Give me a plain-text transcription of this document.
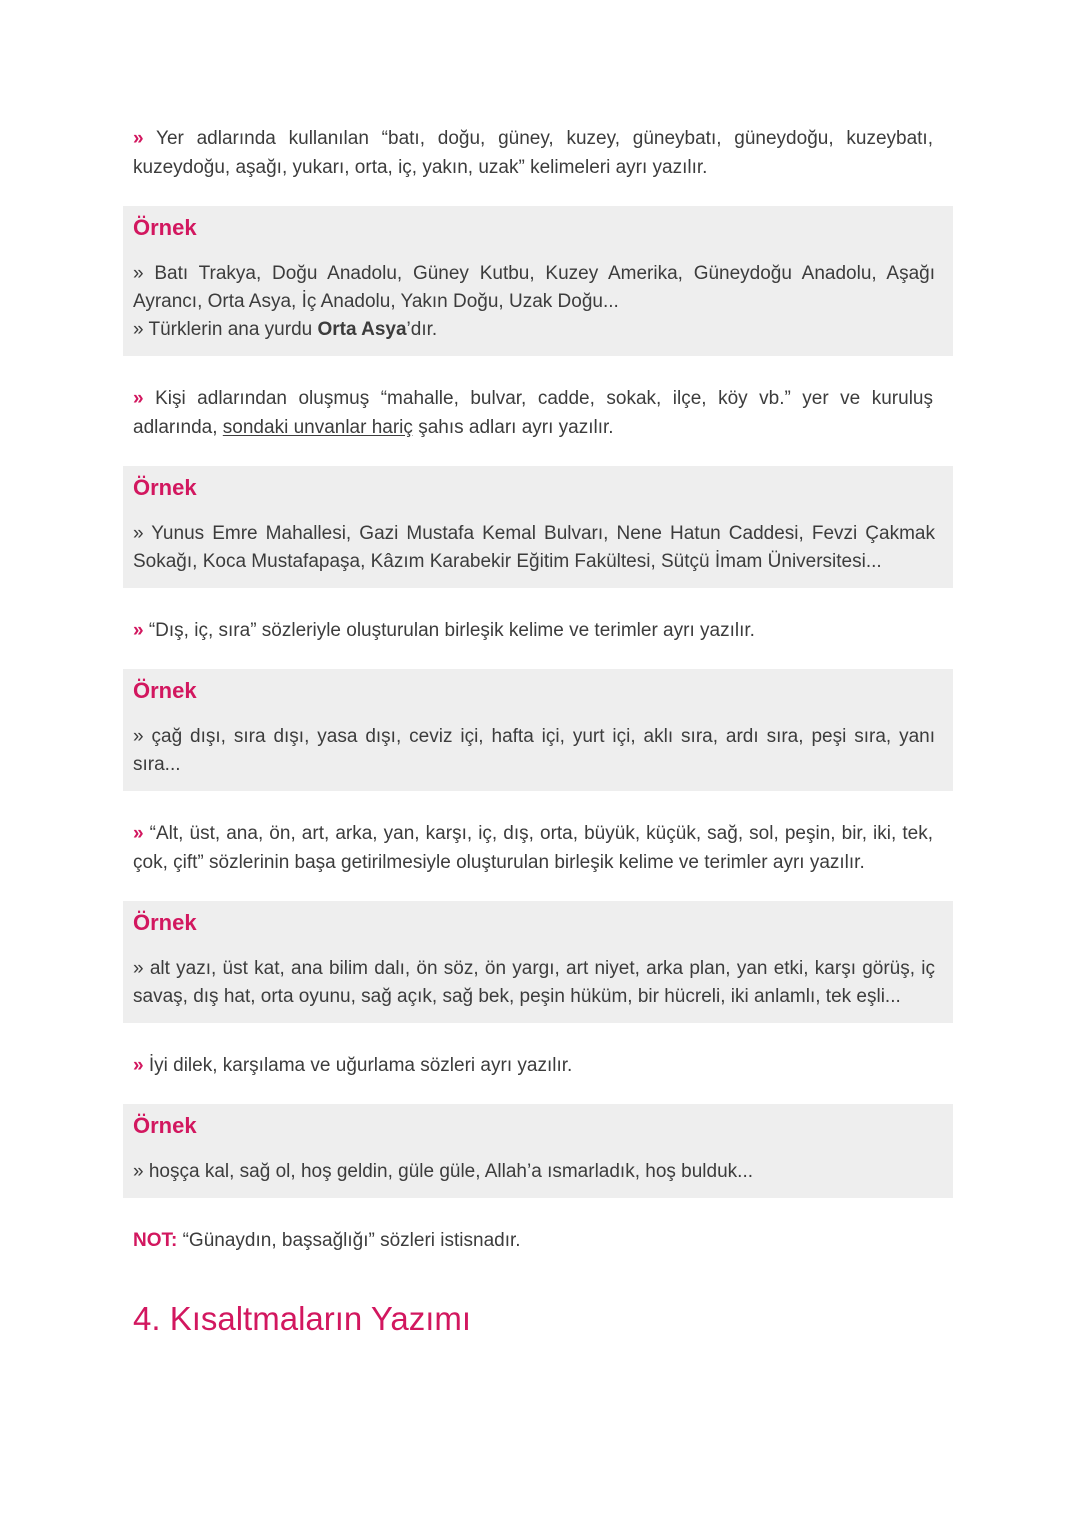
» Yer adlarında kullanılan “batı, doğu, güney, kuzey, güneybatı, güneydoğu, kuzeybatı, kuzeydoğu, aşağı, yukarı, orta, iç, yakın, uzak” kelimeleri ayrı yazılır.

Örnek

» Batı Trakya, Doğu Anadolu, Güney Kutbu, Kuzey Amerika, Güneydoğu Anadolu, Aşağı Ayrancı, Orta Asya, İç Anadolu, Yakın Doğu, Uzak Doğu...

» Türklerin ana yurdu Orta Asya’dır.

» Kişi adlarından oluşmuş “mahalle, bulvar, cadde, sokak, ilçe, köy vb.” yer ve kuruluş adlarında, sondaki unvanlar hariç şahıs adları ayrı yazılır.

Örnek

» Yunus Emre Mahallesi, Gazi Mustafa Kemal Bulvarı, Nene Hatun Caddesi, Fevzi Çakmak Sokağı, Koca Mustafapaşa, Kâzım Karabekir Eğitim Fakültesi, Sütçü İmam Üniversitesi...

» “Dış, iç, sıra” sözleriyle oluşturulan birleşik kelime ve terimler ayrı yazılır.

Örnek

» çağ dışı, sıra dışı, yasa dışı, ceviz içi, hafta içi, yurt içi, aklı sıra, ardı sıra, peşi sıra, yanı sıra...

» “Alt, üst, ana, ön, art, arka, yan, karşı, iç, dış, orta, büyük, küçük, sağ, sol, peşin, bir, iki, tek, çok, çift” sözlerinin başa getirilmesiyle oluşturulan birleşik kelime ve terimler ayrı yazılır.

Örnek

» alt yazı, üst kat, ana bilim dalı, ön söz, ön yargı, art niyet, arka plan, yan etki, karşı görüş, iç savaş, dış hat, orta oyunu, sağ açık, sağ bek, peşin hüküm, bir hücreli, iki anlamlı, tek eşli...

» İyi dilek, karşılama ve uğurlama sözleri ayrı yazılır.

Örnek

» hoşça kal, sağ ol, hoş geldin, güle güle, Allah’a ısmarladık, hoş bulduk...

NOT: “Günaydın, başsağlığı” sözleri istisnadır.

4. Kısaltmaların Yazımı
